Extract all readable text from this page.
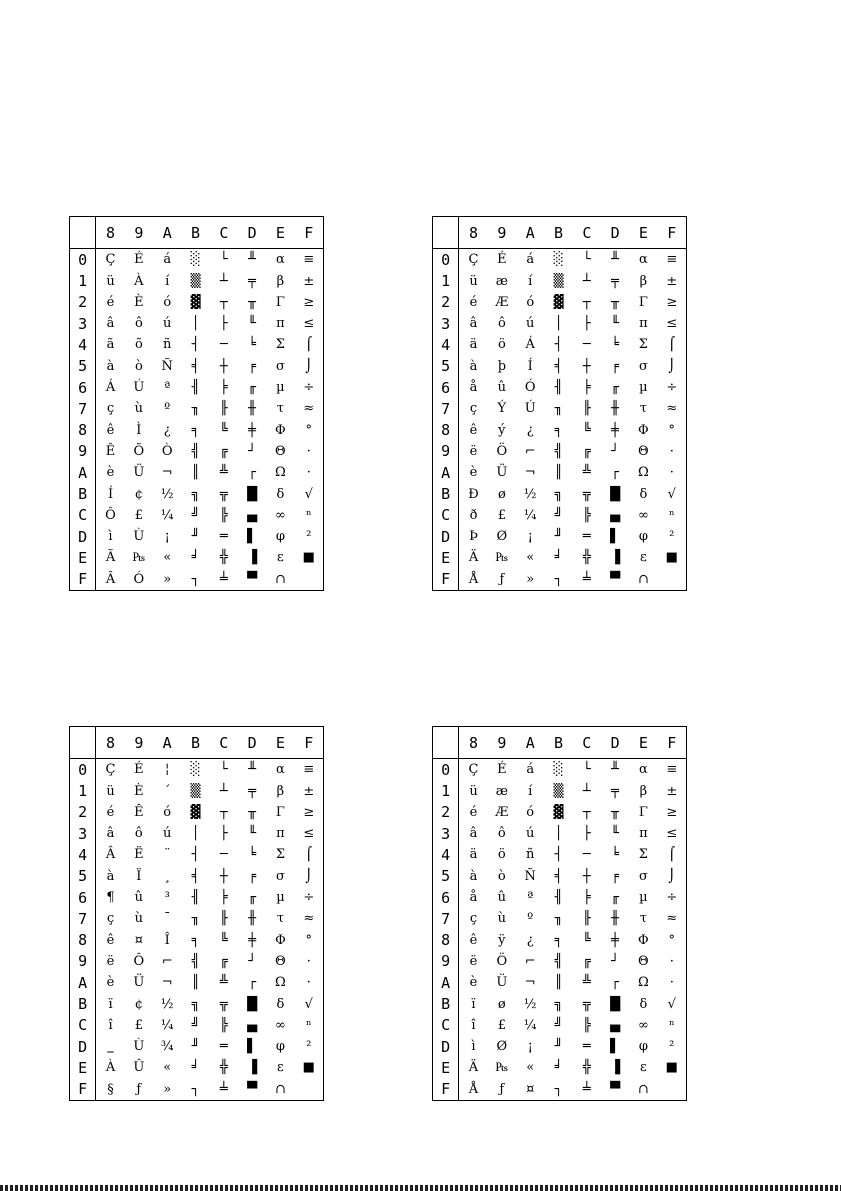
	8	9	A	B	C	D	E	F
0	Ç	É	á	░	└	╨	α	≡
1	ü	À	í	▒	┴	╤	β	±
2	é	È	ó	▓	┬	╥	Γ	≥
3	â	ô	ú	│	├	╙	π	≤
4	ã	õ	ñ	┤	─	╘	Σ	⌠
5	à	ò	Ñ	╡	┼	╒	σ	⌡
6	Á	Ú	ª	╢	╞	╓	µ	÷
7	ç	ù	º	╖	╟	╫	τ	≈
8	ê	Ì	¿	╕	╚	╪	Φ	°
9	Ê	Õ	Ò	╣	╔	┘	Θ	·
A	è	Ü	¬	║	╩	┌	Ω	·
B	Í	¢	½	╗	╦	█	δ	√
C	Ô	£	¼	╝	╠	▄	∞	ⁿ
D	ì	Ù	¡	╜	═	▌	φ	²
E	Ã	₧	«	╛	╬	▐	ε	■
F	Â	Ó	»	┐	╧	▀	∩	
	8	9	A	B	C	D	E	F
0	Ç	É	á	░	└	╨	α	≡
1	ü	æ	í	▒	┴	╤	β	±
2	é	Æ	ó	▓	┬	╥	Γ	≥
3	â	ô	ú	│	├	╙	π	≤
4	ä	ö	Á	┤	─	╘	Σ	⌠
5	à	þ	Í	╡	┼	╒	σ	⌡
6	å	û	Ó	╢	╞	╓	µ	÷
7	ç	Ý	Ú	╖	╟	╫	τ	≈
8	ê	ý	¿	╕	╚	╪	Φ	°
9	ë	Ö	⌐	╣	╔	┘	Θ	·
A	è	Ü	¬	║	╩	┌	Ω	·
B	Ð	ø	½	╗	╦	█	δ	√
C	ð	£	¼	╝	╠	▄	∞	ⁿ
D	Þ	Ø	¡	╜	═	▌	φ	²
E	Ä	₧	«	╛	╬	▐	ε	■
F	Å	ƒ	»	┐	╧	▀	∩	
	8	9	A	B	C	D	E	F
0	Ç	É	¦	░	└	╨	α	≡
1	ü	È	´	▒	┴	╤	β	±
2	é	Ê	ó	▓	┬	╥	Γ	≥
3	â	ô	ú	│	├	╙	π	≤
4	Â	Ë	¨	┤	─	╘	Σ	⌠
5	à	Ï	¸	╡	┼	╒	σ	⌡
6	¶	û	³	╢	╞	╓	µ	÷
7	ç	ù	¯	╖	╟	╫	τ	≈
8	ê	¤	Î	╕	╚	╪	Φ	°
9	ë	Ô	⌐	╣	╔	┘	Θ	·
A	è	Ü	¬	║	╩	┌	Ω	·
B	ï	¢	½	╗	╦	█	δ	√
C	î	£	¼	╝	╠	▄	∞	ⁿ
D	‗	Ù	¾	╜	═	▌	φ	²
E	À	Û	«	╛	╬	▐	ε	■
F	§	ƒ	»	┐	╧	▀	∩	
	8	9	A	B	C	D	E	F
0	Ç	É	á	░	└	╨	α	≡
1	ü	æ	í	▒	┴	╤	β	±
2	é	Æ	ó	▓	┬	╥	Γ	≥
3	â	ô	ú	│	├	╙	π	≤
4	ä	ö	ñ	┤	─	╘	Σ	⌠
5	à	ò	Ñ	╡	┼	╒	σ	⌡
6	å	û	ª	╢	╞	╓	µ	÷
7	ç	ù	º	╖	╟	╫	τ	≈
8	ê	ÿ	¿	╕	╚	╪	Φ	°
9	ë	Ö	⌐	╣	╔	┘	Θ	·
A	è	Ü	¬	║	╩	┌	Ω	·
B	ï	ø	½	╗	╦	█	δ	√
C	î	£	¼	╝	╠	▄	∞	ⁿ
D	ì	Ø	¡	╜	═	▌	φ	²
E	Ä	₧	«	╛	╬	▐	ε	■
F	Å	ƒ	¤	┐	╧	▀	∩	
